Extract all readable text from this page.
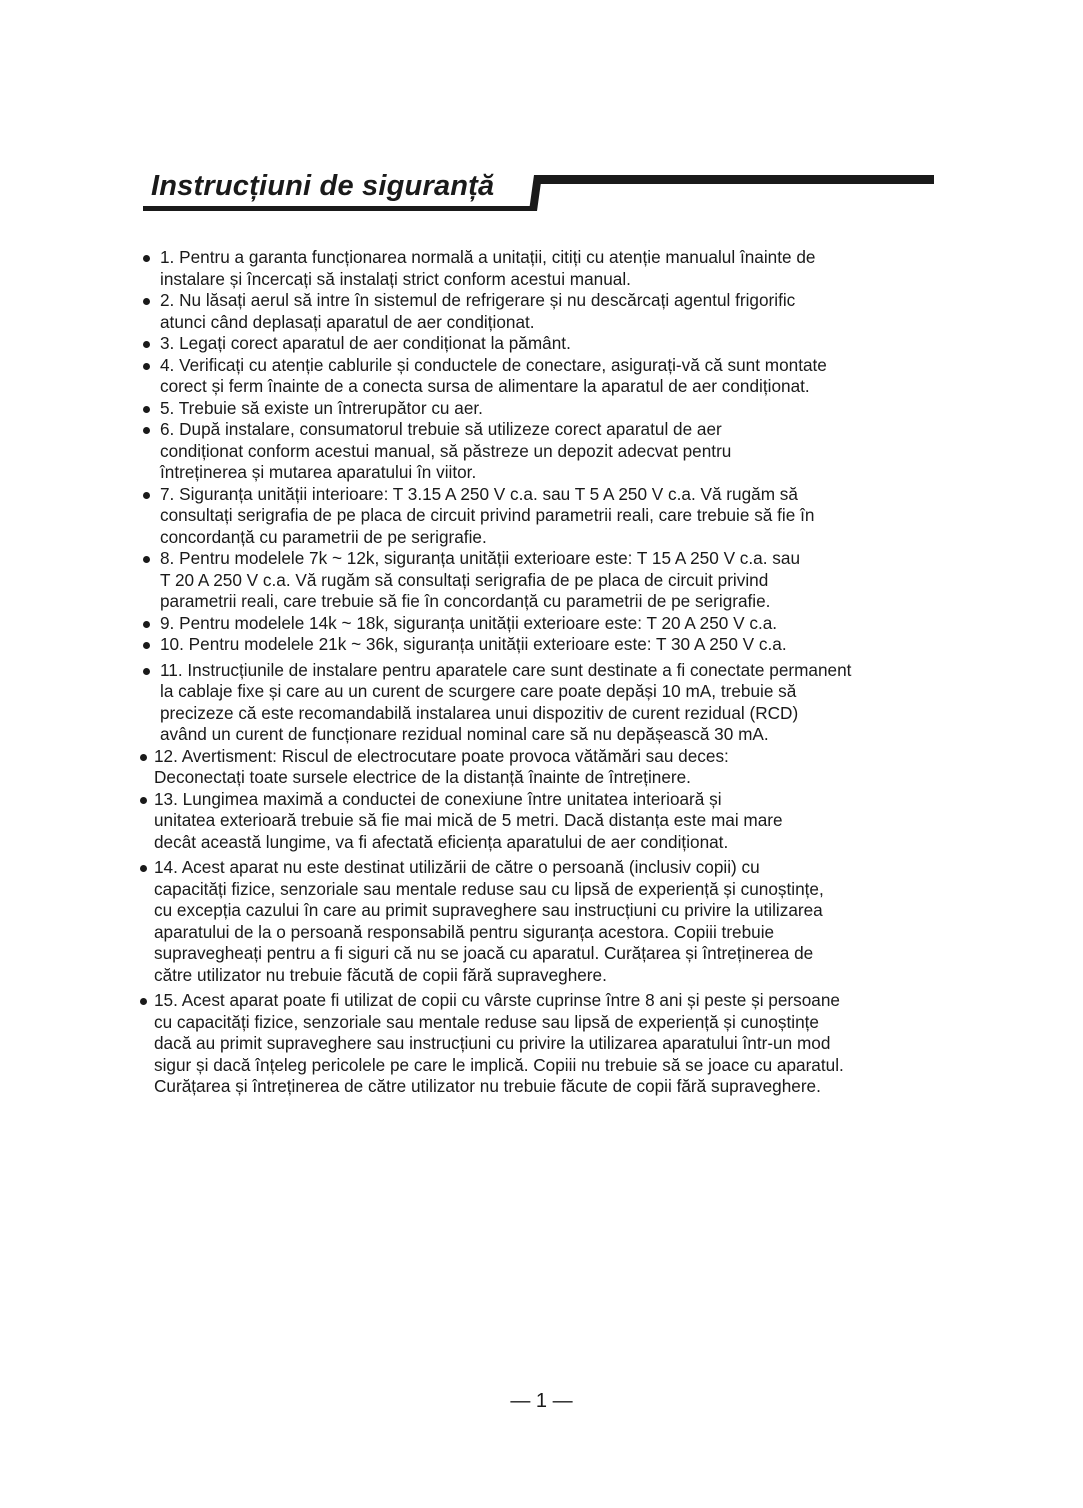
Instrucțiuni de siguranță
1. Pentru a garanta funcționarea normală a unitații, citiți cu atenție manualul înainte de
instalare și încercați să instalați strict conform acestui manual.
2. Nu lăsați aerul să intre în sistemul de refrigerare și nu descărcați agentul frigorific
atunci când deplasați aparatul de aer condiționat.
3. Legați corect aparatul de aer condiționat la pământ.
4. Verificați cu atenție cablurile și conductele de conectare, asigurați-vă că sunt montate
corect și ferm înainte de a conecta sursa de alimentare la aparatul de aer condiționat.
5. Trebuie să existe un întrerupător cu aer.
6. După instalare, consumatorul trebuie să utilizeze corect aparatul de aer
condiționat conform acestui manual, să păstreze un depozit adecvat pentru
întreținerea și mutarea aparatului în viitor.
7. Siguranța unității interioare: T 3.15 A 250 V c.a. sau T 5 A 250 V c.a. Vă rugăm să
consultați serigrafia de pe placa de circuit privind parametrii reali, care trebuie să fie în
concordanță cu parametrii de pe serigrafie.
8. Pentru modelele 7k ~ 12k, siguranța unității exterioare este: T 15 A 250 V c.a. sau
T 20 A 250 V c.a. Vă rugăm să consultați serigrafia de pe placa de circuit privind
parametrii reali, care trebuie să fie în concordanță cu parametrii de pe serigrafie.
9. Pentru modelele 14k ~ 18k, siguranța unității exterioare este: T 20 A 250 V c.a.
10. Pentru modelele 21k ~ 36k, siguranța unității exterioare este: T 30 A 250 V c.a.
11. Instrucțiunile de instalare pentru aparatele care sunt destinate a fi conectate permanent
la cablaje fixe și care au un curent de scurgere care poate depăși 10 mA, trebuie să
precizeze că este recomandabilă instalarea unui dispozitiv de curent rezidual (RCD)
având un curent de funcționare rezidual nominal care să nu depășească 30 mA.
12. Avertisment: Riscul de electrocutare poate provoca vătămări sau deces:
Deconectați toate sursele electrice de la distanță înainte de întreținere.
13. Lungimea maximă a conductei de conexiune între unitatea interioară și
unitatea exterioară trebuie să fie mai mică de 5 metri. Dacă distanța este mai mare
decât această lungime, va fi afectată eficiența aparatului de aer condiționat.
14. Acest aparat nu este destinat utilizării de către o persoană (inclusiv copii) cu
capacități fizice, senzoriale sau mentale reduse sau cu lipsă de experiență și cunoștințe,
cu excepția cazului în care au primit supraveghere sau instrucțiuni cu privire la utilizarea
aparatului de la o persoană responsabilă pentru siguranța acestora. Copiii trebuie
supravegheați pentru a fi siguri că nu se joacă cu aparatul. Curățarea și întreținerea de
către utilizator nu trebuie făcută de copii fără supraveghere.
15. Acest aparat poate fi utilizat de copii cu vârste cuprinse între 8 ani și peste și persoane
cu capacități fizice, senzoriale sau mentale reduse sau lipsă de experiență și cunoștințe
dacă au primit supraveghere sau instrucțiuni cu privire la utilizarea aparatului într-un mod
sigur și dacă înțeleg pericolele pe care le implică. Copiii nu trebuie să se joace cu aparatul.
Curățarea și întreținerea de către utilizator nu trebuie făcute de copii fără supraveghere.
— 1 —
